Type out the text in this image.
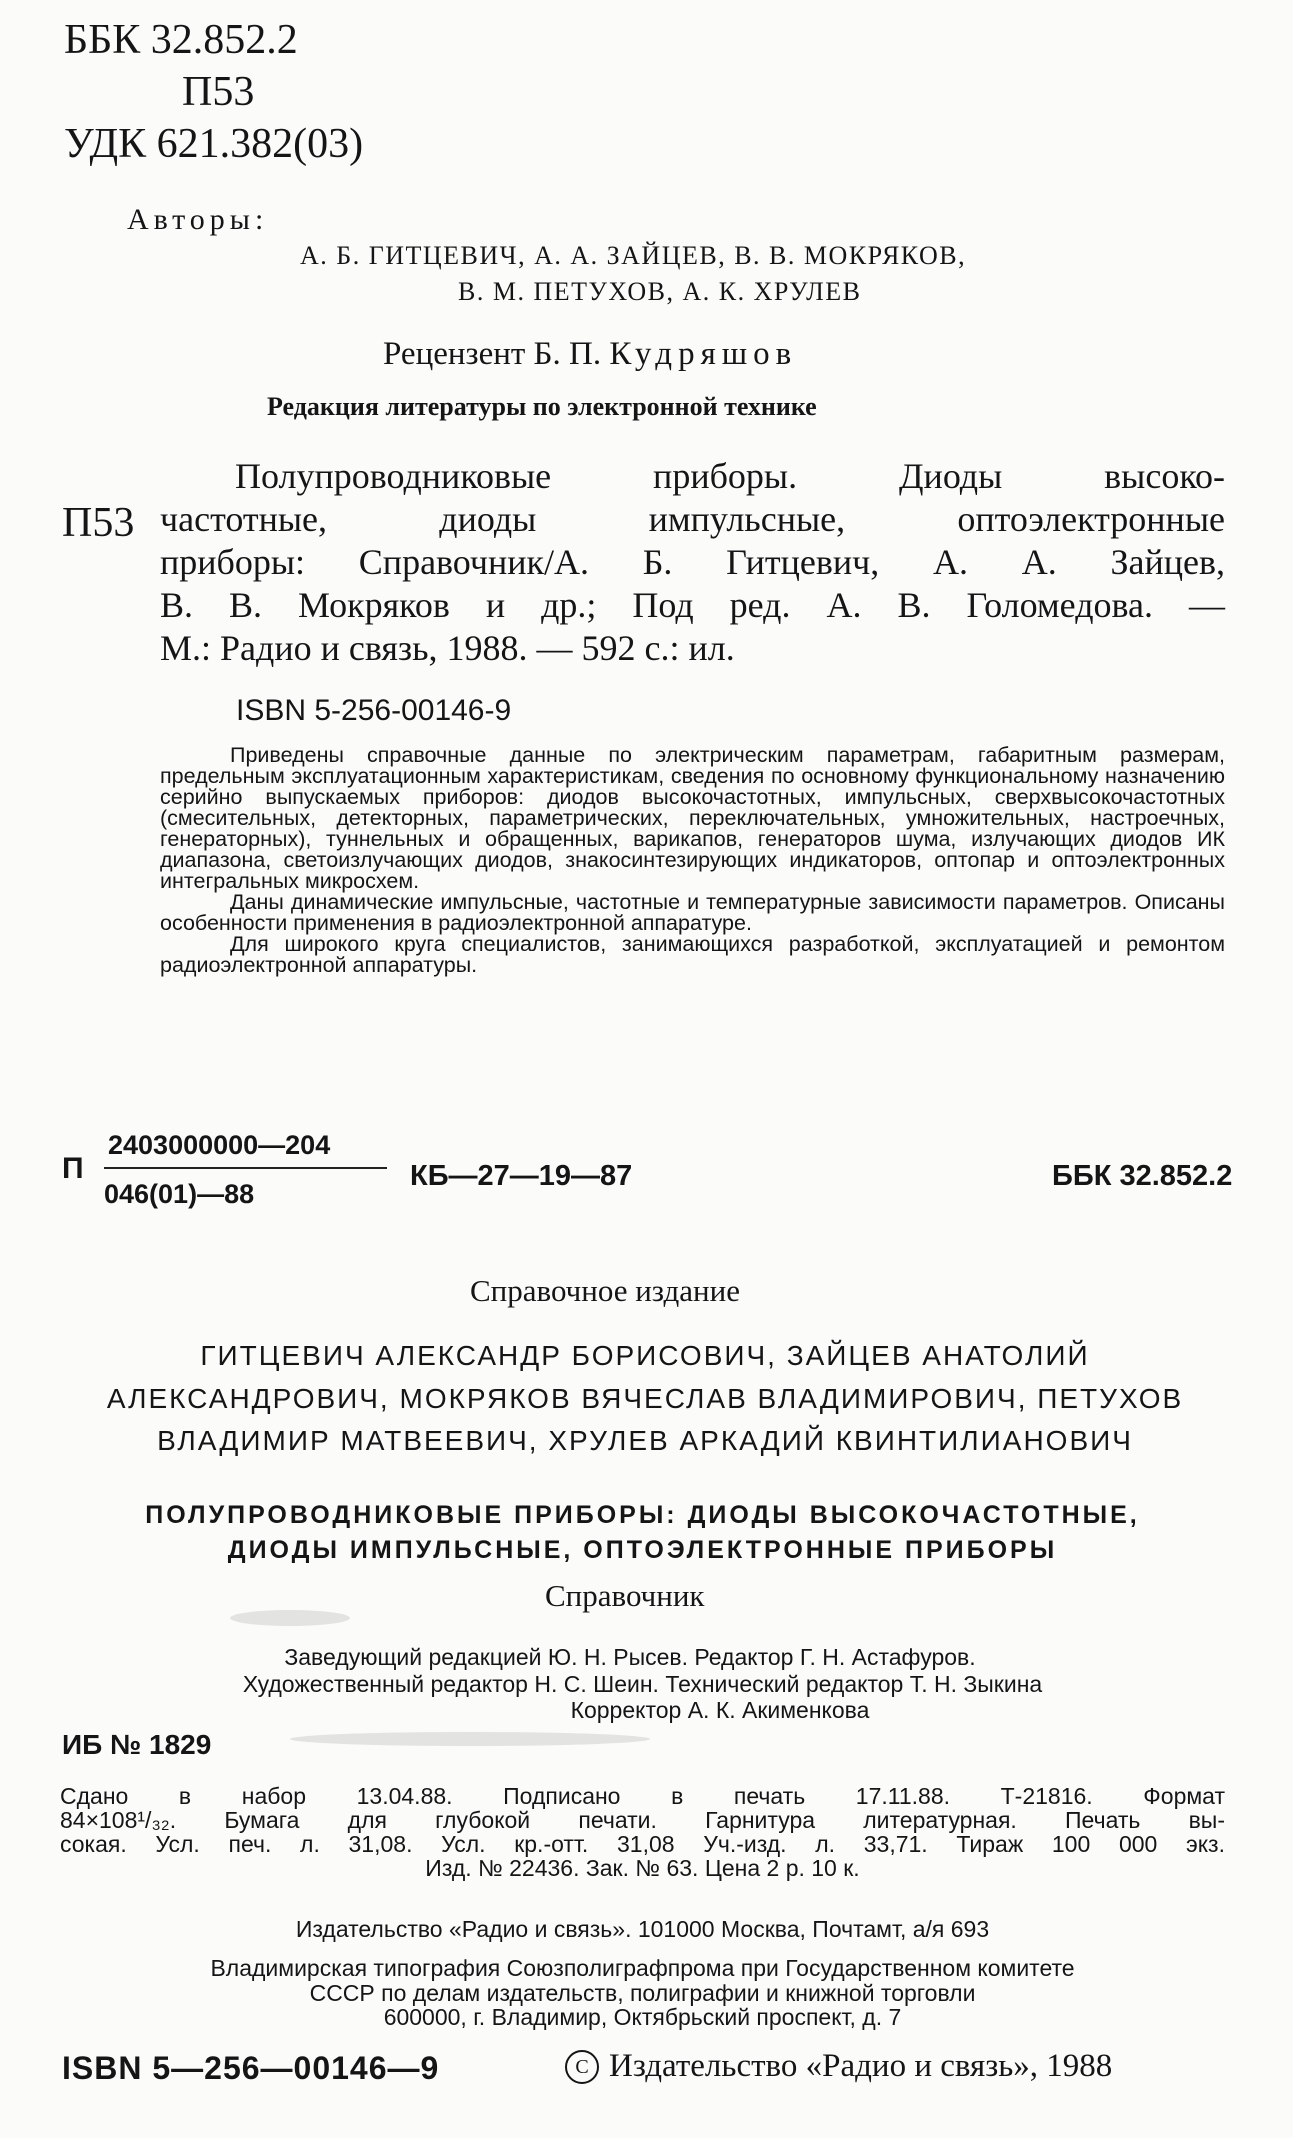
ББК 32.852.2
П53
УДК 621.382(03)
Авторы:
А. Б. ГИТЦЕВИЧ, А. А. ЗАЙЦЕВ, В. В. МОКРЯКОВ,
В. М. ПЕТУХОВ, А. К. ХРУЛЕВ
Рецензент Б. П. Кудряшов
Редакция литературы по электронной технике
П53

Полупроводниковые приборы. Диоды высоко-

частотные, диоды импульсные, оптоэлектронные

приборы: Справочник/А. Б. Гитцевич, А. А. Зайцев,

В. В. Мокряков и др.; Под ред. А. В. Голомедова. —

М.: Радио и связь, 1988. — 592 с.: ил.

ISBN 5-256-00146-9

Приведены справочные данные по электрическим параметрам, габаритным размерам, предельным эксплуатационным характеристикам, сведения по основному функциональному назначению серийно выпускаемых приборов: диодов высокочастотных, импульсных, сверхвысокочастотных (смесительных, детекторных, параметрических, переключательных, умножительных, настроечных, генераторных), туннельных и обращенных, варикапов, генераторов шума, излучающих диодов ИК диапазона, светоизлучающих диодов, знакосинтезирующих индикаторов, оптопар и оптоэлектронных интегральных микросхем.

Даны динамические импульсные, частотные и температурные зависимости параметров. Описаны особенности применения в радиоэлектронной аппаратуре.

Для широкого круга специалистов, занимающихся разработкой, эксплуатацией и ремонтом радиоэлектронной аппаратуры.

П
2403000000—204
046(01)—88
КБ—27—19—87	ББК 32.852.2
Справочное издание
ГИТЦЕВИЧ АЛЕКСАНДР БОРИСОВИЧ, ЗАЙЦЕВ АНАТОЛИЙ
АЛЕКСАНДРОВИЧ, МОКРЯКОВ ВЯЧЕСЛАВ ВЛАДИМИРОВИЧ, ПЕТУХОВ
ВЛАДИМИР МАТВЕЕВИЧ, ХРУЛЕВ АРКАДИЙ КВИНТИЛИАНОВИЧ
ПОЛУПРОВОДНИКОВЫЕ ПРИБОРЫ: ДИОДЫ ВЫСОКОЧАСТОТНЫЕ,
ДИОДЫ ИМПУЛЬСНЫЕ, ОПТОЭЛЕКТРОННЫЕ ПРИБОРЫ
Справочник
Заведующий редакцией Ю. Н. Рысев. Редактор Г. Н. Астафуров.
Художественный редактор Н. С. Шеин. Технический редактор Т. Н. Зыкина
Корректор А. К. Акименкова
ИБ № 1829

Сдано в набор 13.04.88. Подписано в печать 17.11.88. Т-21816. Формат

84×108¹/₃₂. Бумага для глубокой печати. Гарнитура литературная. Печать вы-

сокая. Усл. печ. л. 31,08. Усл. кр.-отт. 31,08 Уч.-изд. л. 33,71. Тираж 100 000 экз.

Изд. № 22436. Зак. № 63. Цена 2 р. 10 к.

Издательство «Радио и связь». 101000 Москва, Почтамт, а/я 693
Владимирская типография Союзполиграфпрома при Государственном комитете
СССР по делам издательств, полиграфии и книжной торговли
600000, г. Владимир, Октябрьский проспект, д. 7
ISBN 5—256—00146—9	C Издательство «Радио и связь», 1988
